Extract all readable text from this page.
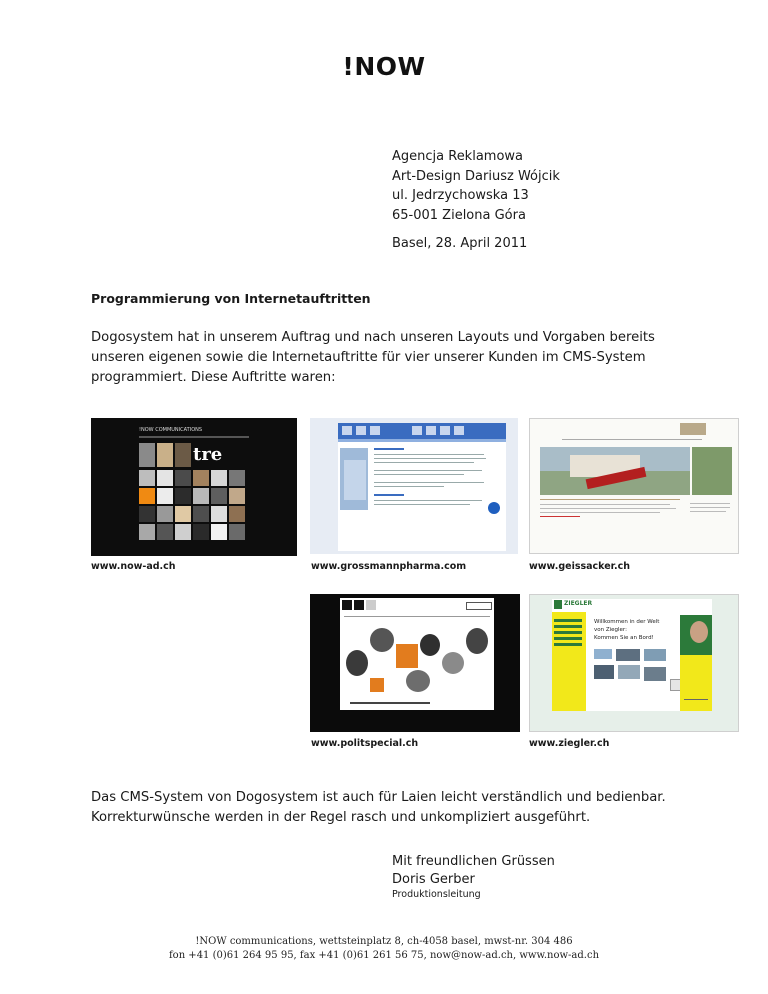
!NOW
Agencja Reklamowa
Art-Design Dariusz Wójcik
ul. Jedrzychowska 13
65-001 Zielona Góra
Basel, 28. April 2011
Programmierung von Internetauftritten
Dogosystem hat in unserem Auftrag und nach unseren Layouts und Vorgaben bereits unseren eigenen sowie die Internetauftritte für vier unserer Kunden im CMS-System programmiert. Diese Auftritte waren:
!NOW COMMUNICATIONS
tre
www.now-ad.ch	www.grossmannpharma.com	www.geissacker.ch
www.politspecial.ch
ZIEGLER
Willkommen in der Welt
von Ziegler:
Kommen Sie an Bord!
www.ziegler.ch
Das CMS-System von Dogosystem ist auch für Laien leicht verständlich und bedienbar. Korrekturwünsche werden in der Regel rasch und unkompliziert ausgeführt.
Mit freundlichen Grüssen
Doris Gerber
Produktionsleitung
!NOW communications, wettsteinplatz 8, ch-4058 basel, mwst-nr. 304 486
fon +41 (0)61 264 95 95, fax +41 (0)61 261 56 75, now@now-ad.ch, www.now-ad.ch
